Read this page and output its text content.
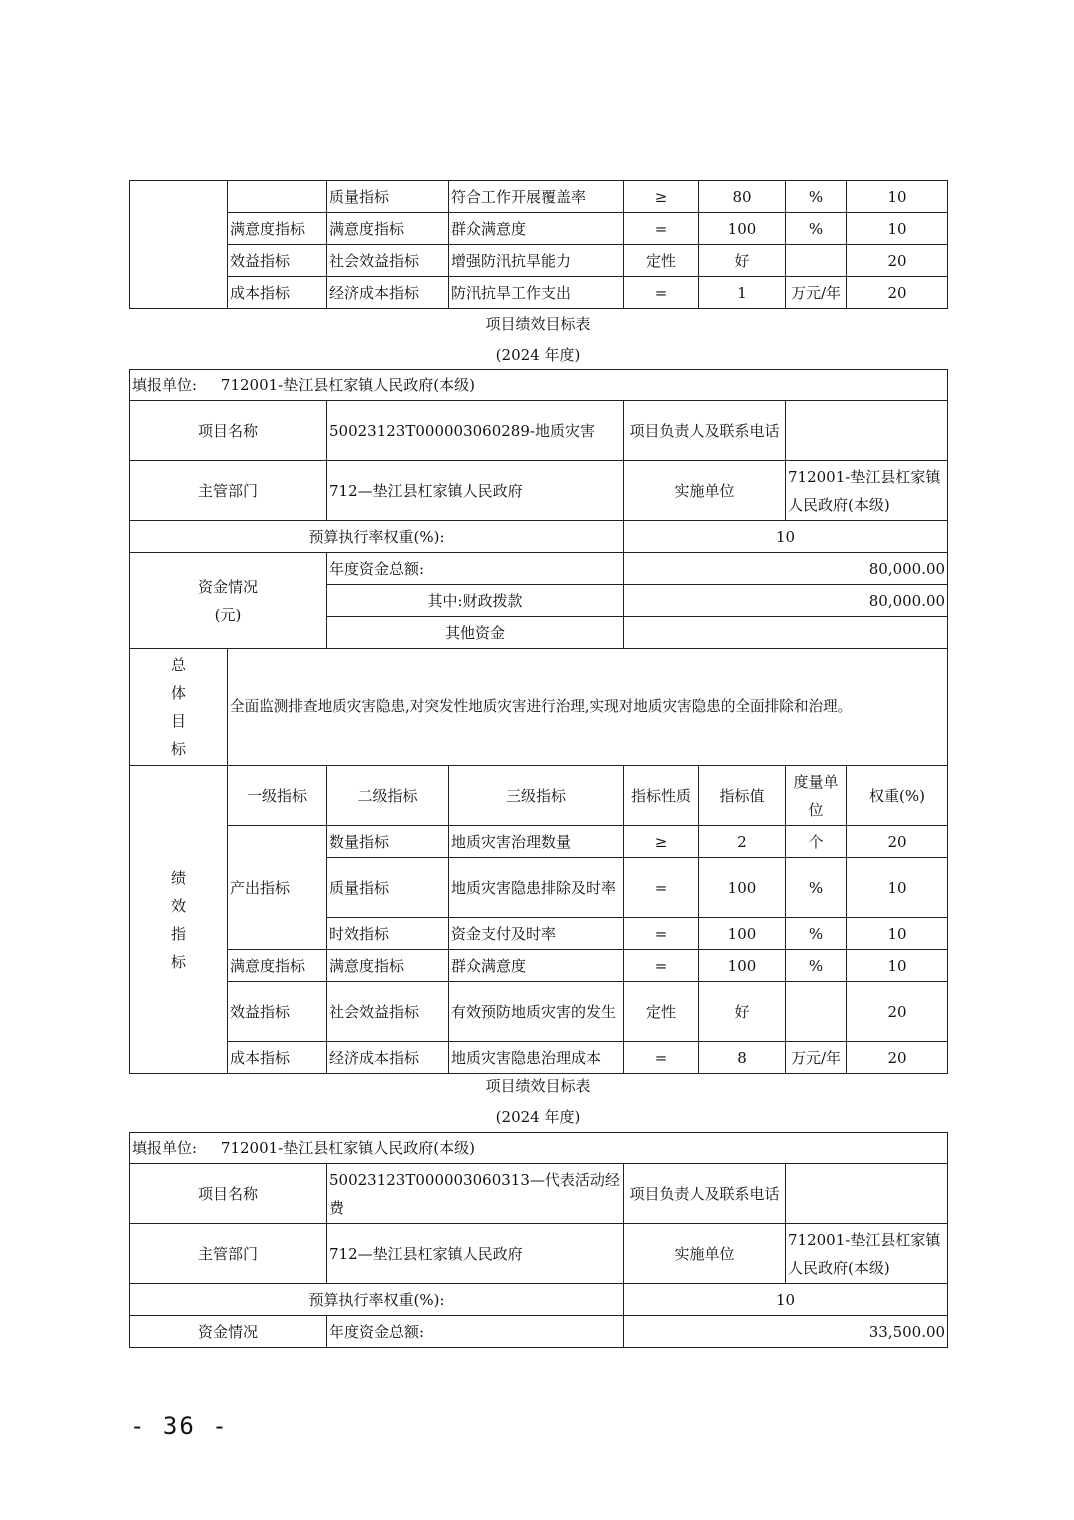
		质量指标	符合工作开展覆盖率	≥	80	%	10
	满意度指标	满意度指标	群众满意度	=	100	%	10
	效益指标	社会效益指标	增强防汛抗旱能力	定性	好		20
	成本指标	经济成本指标	防汛抗旱工作支出	=	1	万元/年	20
项目绩效目标表
(2024 年度)
填报单位: 712001-垫江县杠家镇人民政府(本级)							
项目名称		50023123T000003060289-地质灾害		项目负责人及联系电话			
主管部门		712—垫江县杠家镇人民政府		实施单位		712001-垫江县杠家镇人民政府(本级)	
预算执行率权重(%):				10			

资金情况
(元)		年度资金总额:		80,000.00			
		其中:财政拨款		80,000.00			
		其他资金					

总
体
目
标	全面监测排查地质灾害隐患,对突发性地质灾害进行治理,实现对地质灾害隐患的全面排除和治理。						

绩
效
指
标	一级指标	二级指标	三级指标	指标性质	指标值	度量单位	权重(%)
	产出指标	数量指标	地质灾害治理数量	≥	2	个	20
		质量指标	地质灾害隐患排除及时率	=	100	%	10
		时效指标	资金支付及时率	=	100	%	10
	满意度指标	满意度指标	群众满意度	=	100	%	10
	效益指标	社会效益指标	有效预防地质灾害的发生	定性	好		20
	成本指标	经济成本指标	地质灾害隐患治理成本	=	8	万元/年	20
项目绩效目标表
(2024 年度)
填报单位: 712001-垫江县杠家镇人民政府(本级)			
项目名称	50023123T000003060313—代表活动经费	项目负责人及联系电话	
主管部门	712—垫江县杠家镇人民政府	实施单位	712001-垫江县杠家镇人民政府(本级)
预算执行率权重(%):		10	
资金情况	年度资金总额:	33,500.00	
- 36 -
